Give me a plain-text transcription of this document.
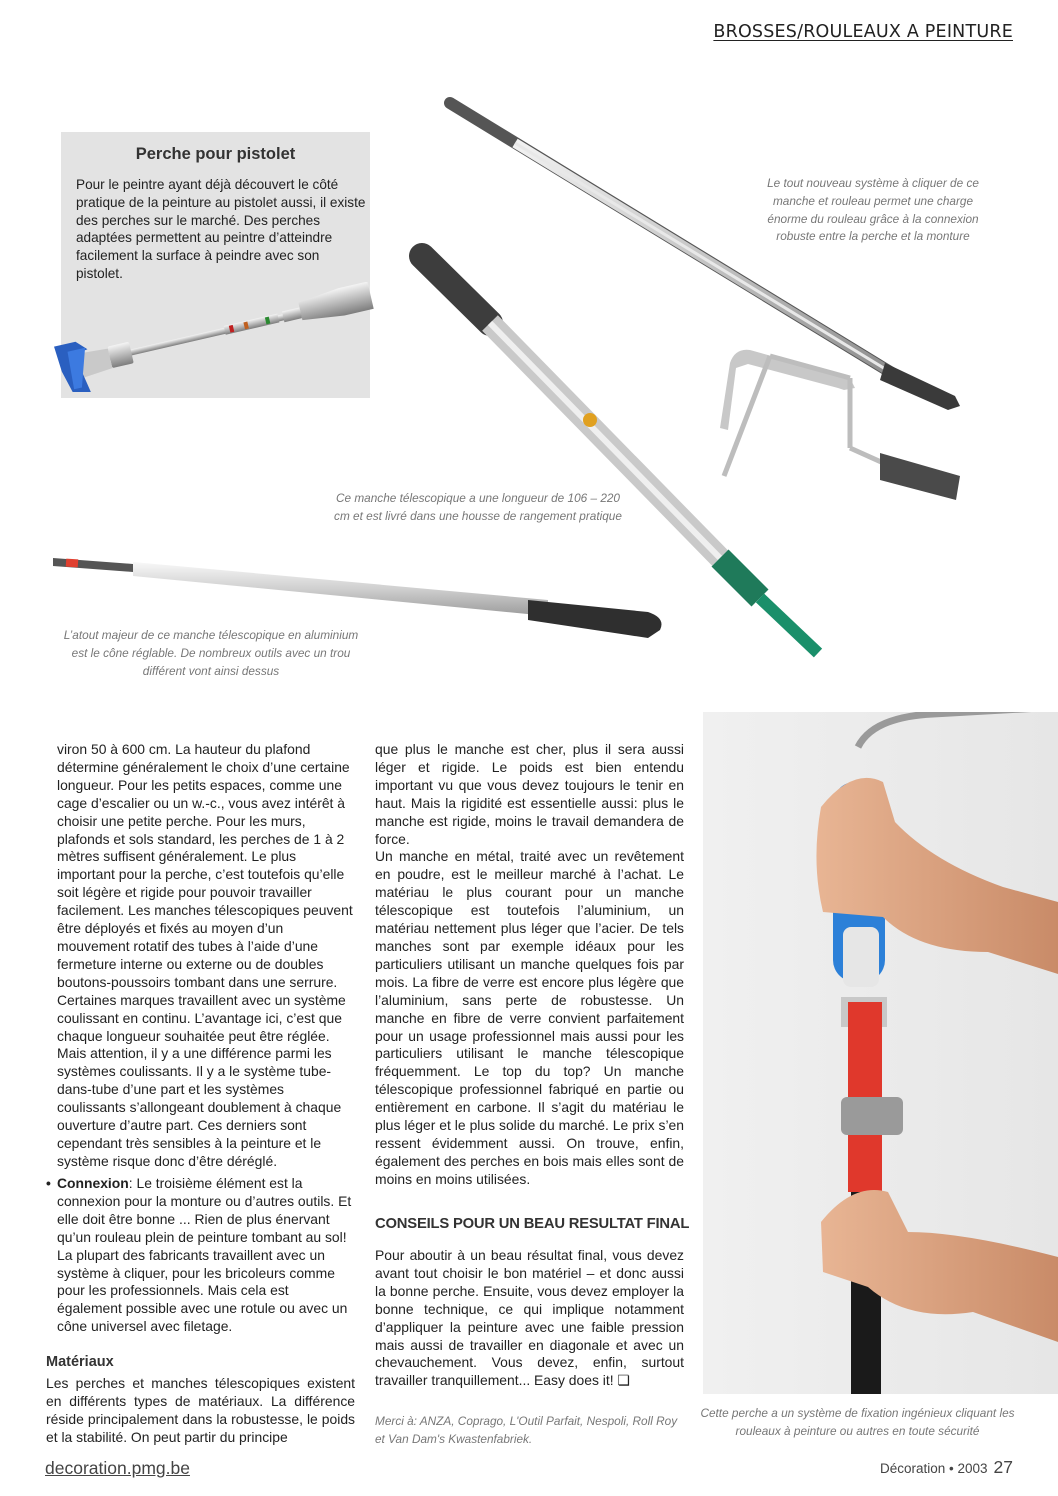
BROSSES/ROULEAUX A PEINTURE
Perche pour pistolet
Pour le peintre ayant déjà découvert le côté pratique de la peinture au pistolet aussi, il existe des perches sur le marché. Des perches adaptées permettent au peintre d’atteindre facilement la surface à peindre avec son pistolet.
Le tout nouveau système à cliquer de ce manche et rouleau permet une charge énorme du rouleau grâce à la connexion robuste entre la perche et la monture
Ce manche télescopique a une longueur de 106 – 220 cm et est livré dans une housse de rangement pratique
L’atout majeur de ce manche télescopique en aluminium est le cône réglable. De nombreux outils avec un trou différent vont ainsi dessus

viron 50 à 600 cm. La hauteur du plafond détermine généralement le choix d’une certaine longueur. Pour les petits espaces, comme une cage d’escalier ou un w.-c., vous avez intérêt à choisir une petite perche. Pour les murs, plafonds et sols standard, les perches de 1 à 2 mètres suffisent généralement. Le plus important pour la perche, c’est toutefois qu’elle soit légère et rigide pour pouvoir travailler facilement. Les manches télescopiques peuvent être déployés et fixés au moyen d’un mouvement rotatif des tubes à l’aide d’une fermeture interne ou externe ou de doubles boutons-poussoirs tombant dans une serrure. Certaines marques travaillent avec un système coulissant en continu. L’avantage ici, c’est que chaque longueur souhaitée peut être réglée. Mais attention, il y a une différence parmi les systèmes coulissants. Il y a le système tube-dans-tube d’une part et les systèmes coulissants s’allongeant doublement à chaque ouverture d’autre part. Ces derniers sont cependant très sensibles à la peinture et le système risque donc d’être déréglé.

• Connexion: Le troisième élément est la connexion pour la monture ou d’autres outils. Et elle doit être bonne ... Rien de plus énervant qu’un rouleau plein de peinture tombant au sol! La plupart des fabricants travaillent avec un système à cliquer, pour les bricoleurs comme pour les professionnels. Mais cela est également possible avec une rotule ou avec un cône universel avec filetage.

Matériaux
Les perches et manches télescopiques existent en différents types de matériaux. La différence réside principalement dans la robustesse, le poids et la stabilité. On peut partir du principe

que plus le manche est cher, plus il sera aussi léger et rigide. Le poids est bien entendu important vu que vous devez toujours le tenir en haut. Mais la rigidité est essentielle aussi: plus le manche est rigide, moins le travail demandera de force.

Un manche en métal, traité avec un revêtement en poudre, est le meilleur marché à l’achat. Le matériau le plus courant pour un manche télescopique est toutefois l’aluminium, un matériau nettement plus léger que l’acier. De tels manches sont par exemple idéaux pour les particuliers utilisant un manche quelques fois par mois. La fibre de verre est encore plus légère que l’aluminium, sans perte de robustesse. Un manche en fibre de verre convient parfaitement pour un usage professionnel mais aussi pour les particuliers utilisant le manche télescopique fréquemment. Le top du top? Un manche télescopique professionnel fabriqué en partie ou entièrement en carbone. Il s’agit du matériau le plus léger et le plus solide du marché. Le prix s’en ressent évidemment aussi. On trouve, enfin, également des perches en bois mais elles sont de moins en moins utilisées.

CONSEILS POUR UN BEAU RESULTAT FINAL
Pour aboutir à un beau résultat final, vous devez avant tout choisir le bon matériel – et donc aussi la bonne perche. Ensuite, vous devez employer la bonne technique, ce qui implique notamment d’appliquer la peinture avec une faible pression mais aussi de travailler en diagonale et avec un chevauchement. Vous devez, enfin, surtout travailler tranquillement... Easy does it! ❏
Merci à: ANZA, Coprago, L'Outil Parfait, Nespoli, Roll Roy et Van Dam's Kwastenfabriek.
Cette perche a un système de fixation ingénieux cliquant les rouleaux à peinture ou autres en toute sécurité
decoration.pmg.be	Décoration • 2003 27
